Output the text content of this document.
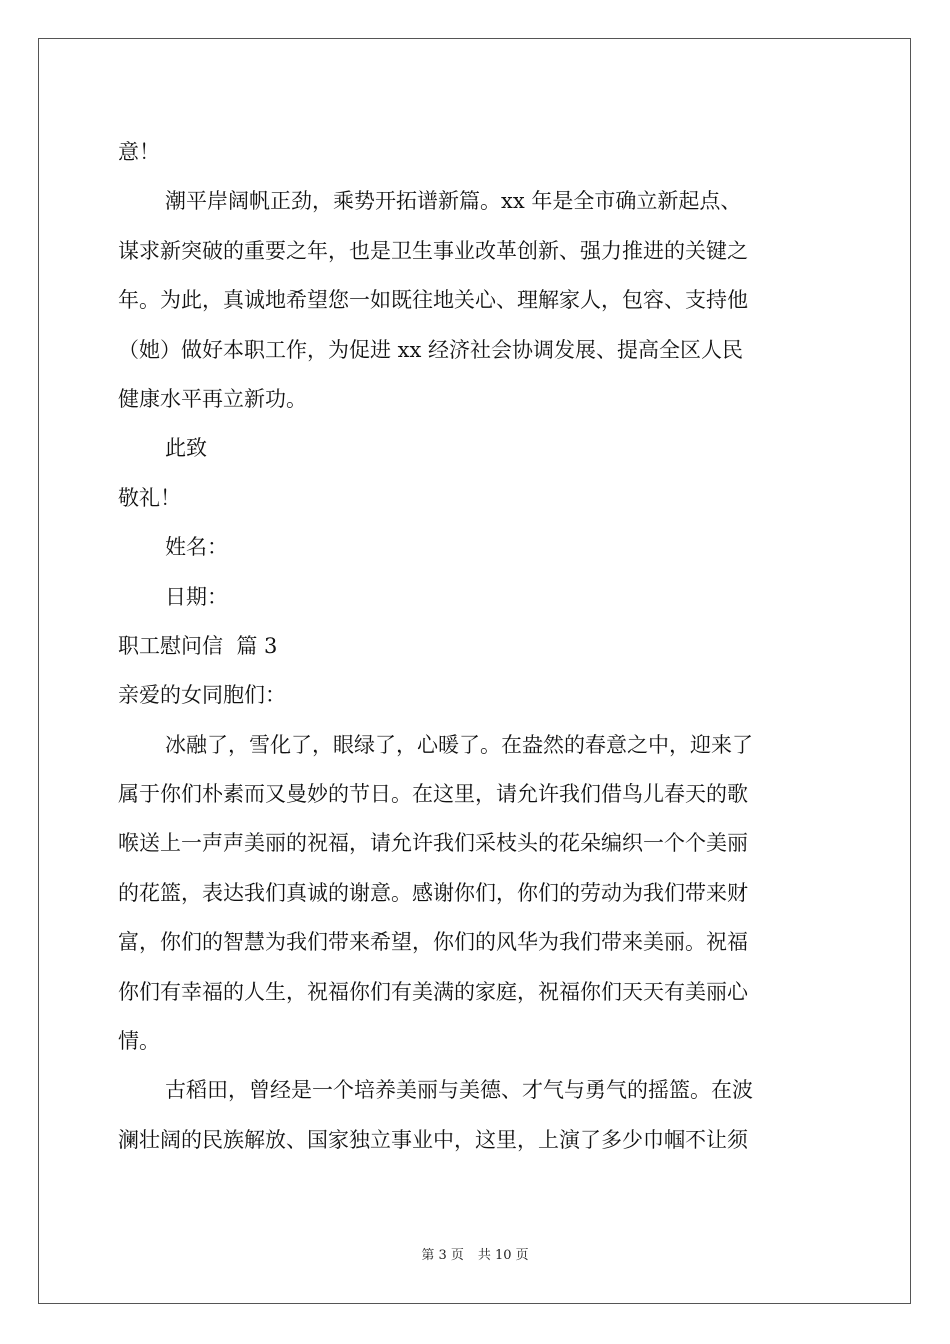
意！
潮平岸阔帆正劲，乘势开拓谱新篇。xx 年是全市确立新起点、
谋求新突破的重要之年，也是卫生事业改革创新、强力推进的关键之
年。为此，真诚地希望您一如既往地关心、理解家人，包容、支持他
（她）做好本职工作，为促进 xx 经济社会协调发展、提高全区人民
健康水平再立新功。
此致
敬礼！
姓名：
日期：
职工慰问信  篇 3
亲爱的女同胞们：
冰融了，雪化了，眼绿了，心暖了。在盎然的春意之中，迎来了
属于你们朴素而又曼妙的节日。在这里，请允许我们借鸟儿春天的歌
喉送上一声声美丽的祝福，请允许我们采枝头的花朵编织一个个美丽
的花篮，表达我们真诚的谢意。感谢你们，你们的劳动为我们带来财
富，你们的智慧为我们带来希望，你们的风华为我们带来美丽。祝福
你们有幸福的人生，祝福你们有美满的家庭，祝福你们天天有美丽心
情。
古稻田，曾经是一个培养美丽与美德、才气与勇气的摇篮。在波
澜壮阔的民族解放、国家独立事业中，这里，上演了多少巾帼不让须
第 3 页 共 10 页
